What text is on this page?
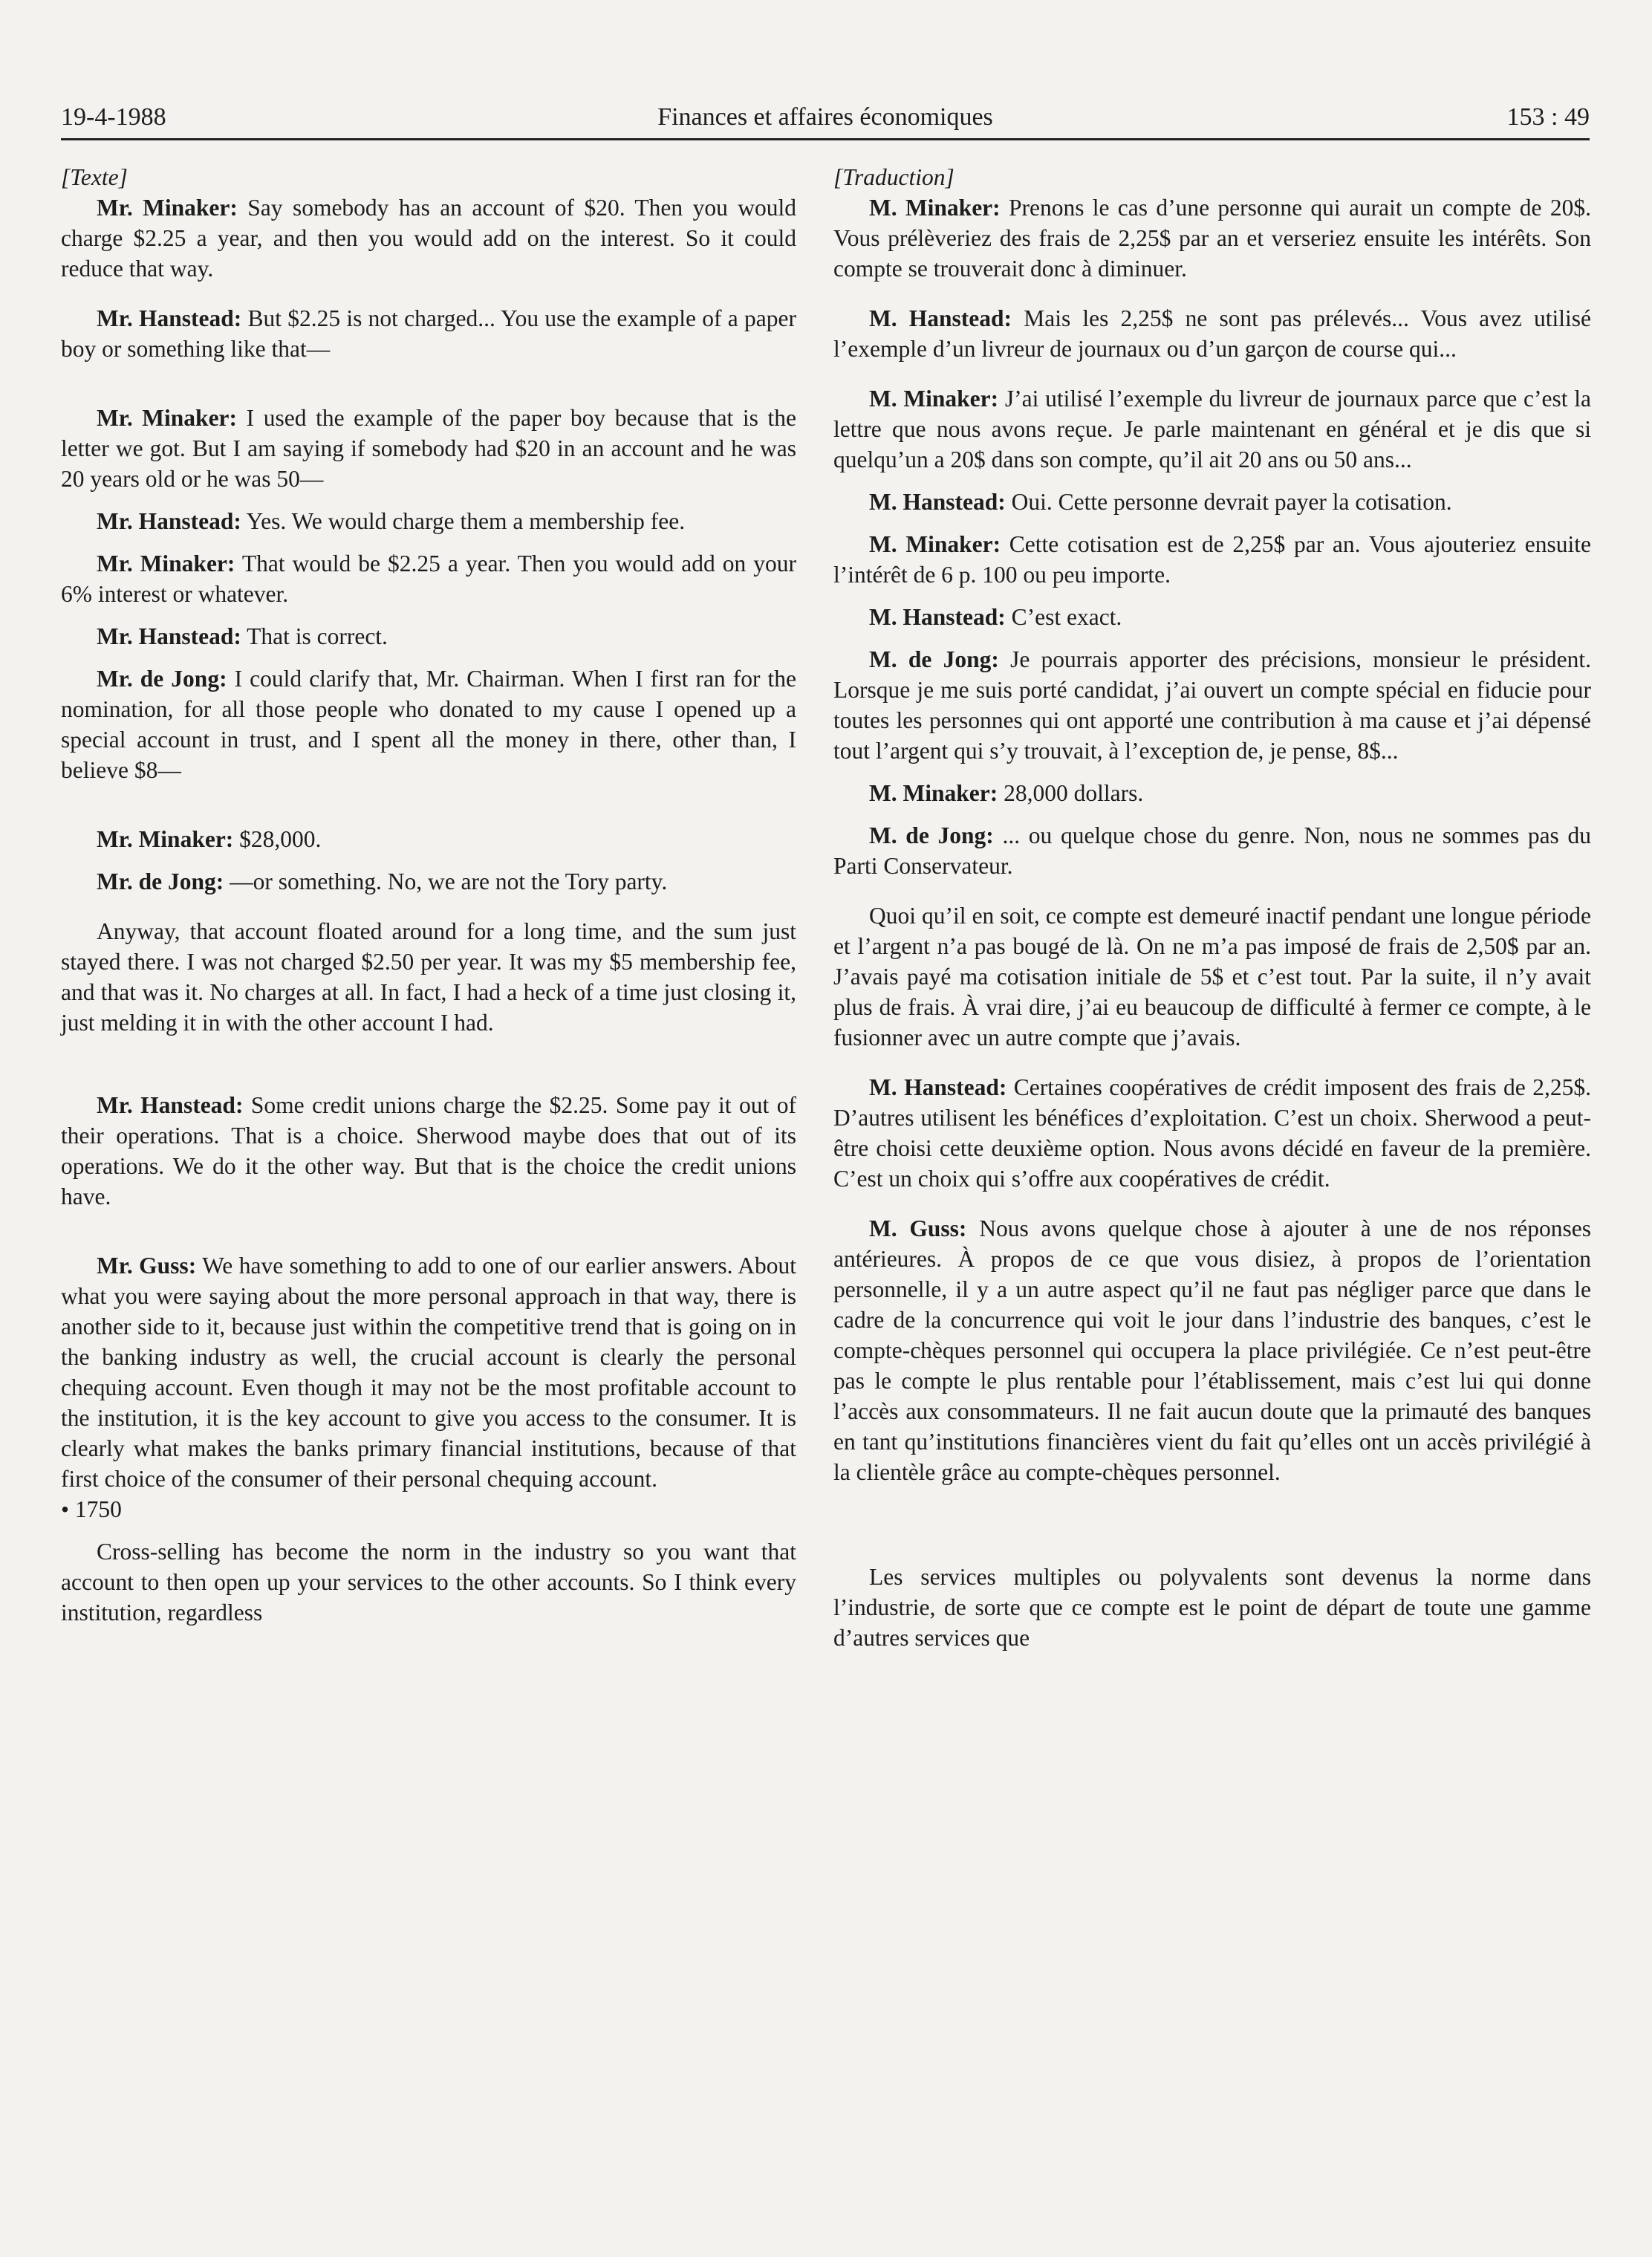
19-4-1988	Finances et affaires économiques	153 : 49

[Texte]

Mr. Minaker: Say somebody has an account of $20. Then you would charge $2.25 a year, and then you would add on the interest. So it could reduce that way.

Mr. Hanstead: But $2.25 is not charged... You use the example of a paper boy or something like that—

Mr. Minaker: I used the example of the paper boy because that is the letter we got. But I am saying if somebody had $20 in an account and he was 20 years old or he was 50—

Mr. Hanstead: Yes. We would charge them a membership fee.

Mr. Minaker: That would be $2.25 a year. Then you would add on your 6% interest or whatever.

Mr. Hanstead: That is correct.

Mr. de Jong: I could clarify that, Mr. Chairman. When I first ran for the nomination, for all those people who donated to my cause I opened up a special account in trust, and I spent all the money in there, other than, I believe $8—

Mr. Minaker: $28,000.

Mr. de Jong: —or something. No, we are not the Tory party.

Anyway, that account floated around for a long time, and the sum just stayed there. I was not charged $2.50 per year. It was my $5 membership fee, and that was it. No charges at all. In fact, I had a heck of a time just closing it, just melding it in with the other account I had.

Mr. Hanstead: Some credit unions charge the $2.25. Some pay it out of their operations. That is a choice. Sherwood maybe does that out of its operations. We do it the other way. But that is the choice the credit unions have.

Mr. Guss: We have something to add to one of our earlier answers. About what you were saying about the more personal approach in that way, there is another side to it, because just within the competitive trend that is going on in the banking industry as well, the crucial account is clearly the personal chequing account. Even though it may not be the most profitable account to the institution, it is the key account to give you access to the consumer. It is clearly what makes the banks primary financial institutions, because of that first choice of the consumer of their personal chequing account.

• 1750

Cross-selling has become the norm in the industry so you want that account to then open up your services to the other accounts. So I think every institution, regardless

[Traduction]

M. Minaker: Prenons le cas d’une personne qui aurait un compte de 20$. Vous prélèveriez des frais de 2,25$ par an et verseriez ensuite les intérêts. Son compte se trouverait donc à diminuer.

M. Hanstead: Mais les 2,25$ ne sont pas prélevés... Vous avez utilisé l’exemple d’un livreur de journaux ou d’un garçon de course qui...

M. Minaker: J’ai utilisé l’exemple du livreur de journaux parce que c’est la lettre que nous avons reçue. Je parle maintenant en général et je dis que si quelqu’un a 20$ dans son compte, qu’il ait 20 ans ou 50 ans...

M. Hanstead: Oui. Cette personne devrait payer la cotisation.

M. Minaker: Cette cotisation est de 2,25$ par an. Vous ajouteriez ensuite l’intérêt de 6 p. 100 ou peu importe.

M. Hanstead: C’est exact.

M. de Jong: Je pourrais apporter des précisions, monsieur le président. Lorsque je me suis porté candidat, j’ai ouvert un compte spécial en fiducie pour toutes les personnes qui ont apporté une contribution à ma cause et j’ai dépensé tout l’argent qui s’y trouvait, à l’exception de, je pense, 8$...

M. Minaker: 28,000 dollars.

M. de Jong: ... ou quelque chose du genre. Non, nous ne sommes pas du Parti Conservateur.

Quoi qu’il en soit, ce compte est demeuré inactif pendant une longue période et l’argent n’a pas bougé de là. On ne m’a pas imposé de frais de 2,50$ par an. J’avais payé ma cotisation initiale de 5$ et c’est tout. Par la suite, il n’y avait plus de frais. À vrai dire, j’ai eu beaucoup de difficulté à fermer ce compte, à le fusionner avec un autre compte que j’avais.

M. Hanstead: Certaines coopératives de crédit imposent des frais de 2,25$. D’autres utilisent les bénéfices d’exploitation. C’est un choix. Sherwood a peut-être choisi cette deuxième option. Nous avons décidé en faveur de la première. C’est un choix qui s’offre aux coopératives de crédit.

M. Guss: Nous avons quelque chose à ajouter à une de nos réponses antérieures. À propos de ce que vous disiez, à propos de l’orientation personnelle, il y a un autre aspect qu’il ne faut pas négliger parce que dans le cadre de la concurrence qui voit le jour dans l’industrie des banques, c’est le compte-chèques personnel qui occupera la place privilégiée. Ce n’est peut-être pas le compte le plus rentable pour l’établissement, mais c’est lui qui donne l’accès aux consommateurs. Il ne fait aucun doute que la primauté des banques en tant qu’institutions financières vient du fait qu’elles ont un accès privilégié à la clientèle grâce au compte-chèques personnel.

Les services multiples ou polyvalents sont devenus la norme dans l’industrie, de sorte que ce compte est le point de départ de toute une gamme d’autres services que
